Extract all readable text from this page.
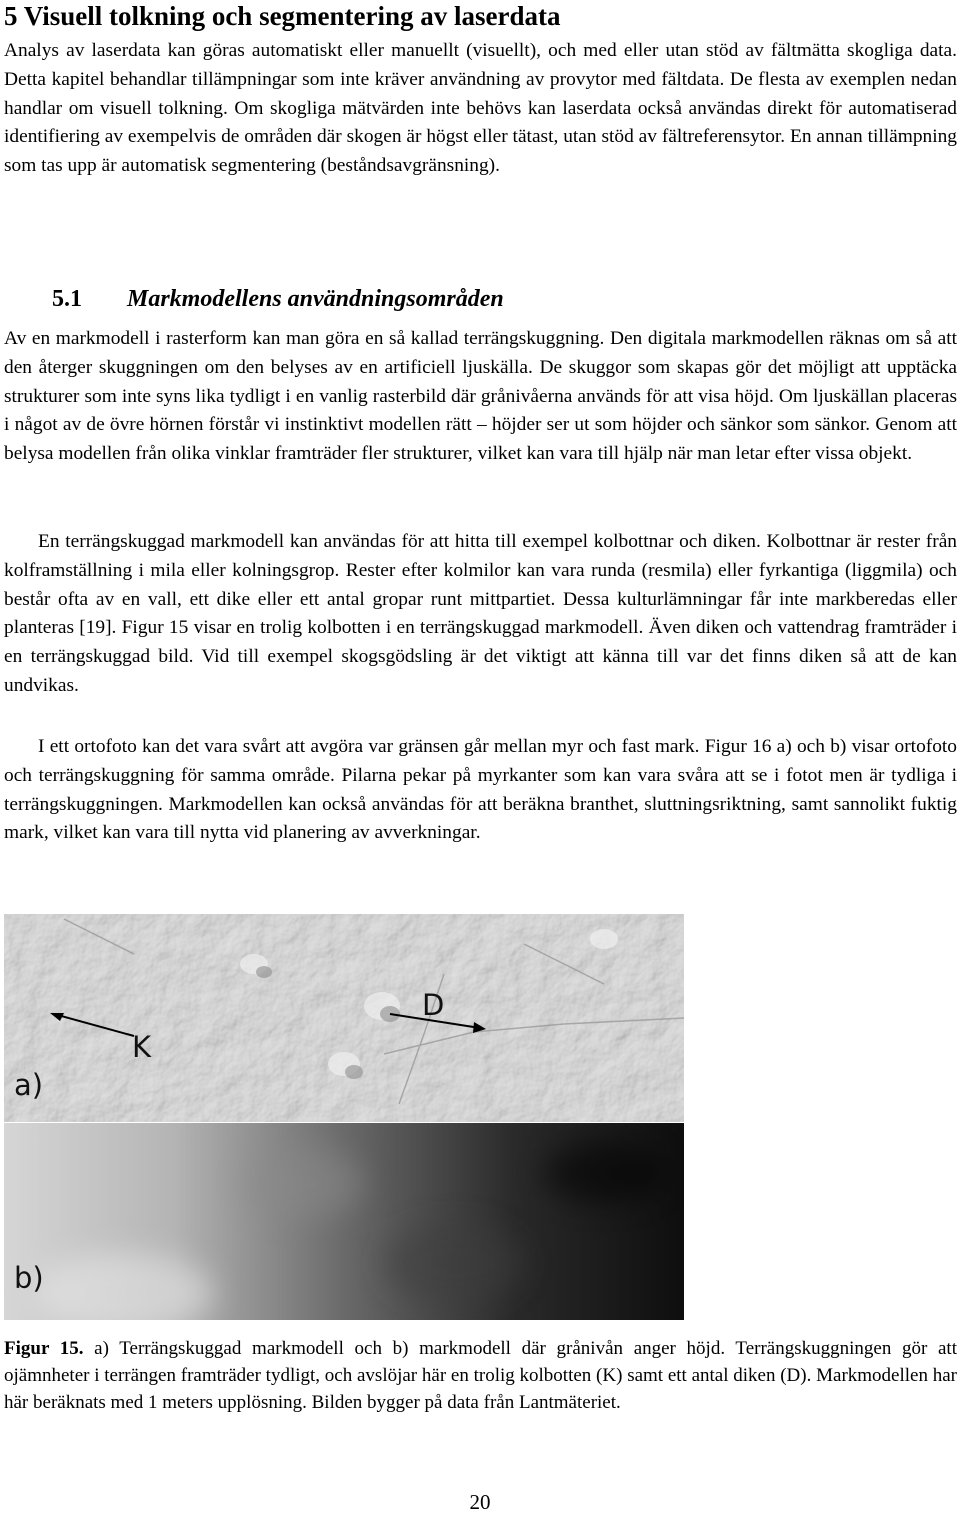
5 Visuell tolkning och segmentering av laserdata

Analys av laserdata kan göras automatiskt eller manuellt (visuellt), och med eller utan stöd av fältmätta skogliga data. Detta kapitel behandlar tillämpningar som inte kräver användning av provytor med fältdata. De flesta av exemplen nedan handlar om visuell tolkning. Om skogliga mätvärden inte behövs kan laserdata också användas direkt för automatiserad identifiering av exempelvis de områden där skogen är högst eller tätast, utan stöd av fältreferensytor. En annan tillämpning som tas upp är automatisk segmentering (beståndsavgränsning).

5.1 Markmodellens användningsområden

Av en markmodell i rasterform kan man göra en så kallad terrängskuggning. Den digitala markmodellen räknas om så att den återger skuggningen om den belyses av en artificiell ljuskälla. De skuggor som skapas gör det möjligt att upptäcka strukturer som inte syns lika tydligt i en vanlig rasterbild där grånivåerna används för att visa höjd. Om ljuskällan placeras i något av de övre hörnen förstår vi instinktivt modellen rätt – höjder ser ut som höjder och sänkor som sänkor. Genom att belysa modellen från olika vinklar framträder fler strukturer, vilket kan vara till hjälp när man letar efter vissa objekt.

En terrängskuggad markmodell kan användas för att hitta till exempel kolbottnar och diken. Kolbottnar är rester från kolframställning i mila eller kolningsgrop. Rester efter kolmilor kan vara runda (resmila) eller fyrkantiga (liggmila) och består ofta av en vall, ett dike eller ett antal gropar runt mittpartiet. Dessa kulturlämningar får inte markberedas eller planteras [19]. Figur 15 visar en trolig kolbotten i en terrängskuggad markmodell. Även diken och vattendrag framträder i en terrängskuggad bild. Vid till exempel skogsgödsling är det viktigt att känna till var det finns diken så att de kan undvikas.

I ett ortofoto kan det vara svårt att avgöra var gränsen går mellan myr och fast mark. Figur 16 a) och b) visar ortofoto och terrängskuggning för samma område. Pilarna pekar på myrkanter som kan vara svåra att se i fotot men är tydliga i terrängskuggningen. Markmodellen kan också användas för att beräkna branthet, sluttningsriktning, samt sannolikt fuktig mark, vilket kan vara till nytta vid planering av avverkningar.

K
D
a)
b)

Figur 15. a) Terrängskuggad markmodell och b) markmodell där grånivån anger höjd. Terrängskuggningen gör att ojämnheter i terrängen framträder tydligt, och avslöjar här en trolig kolbotten (K) samt ett antal diken (D). Markmodellen har här beräknats med 1 meters upplösning. Bilden bygger på data från Lantmäteriet.

20
